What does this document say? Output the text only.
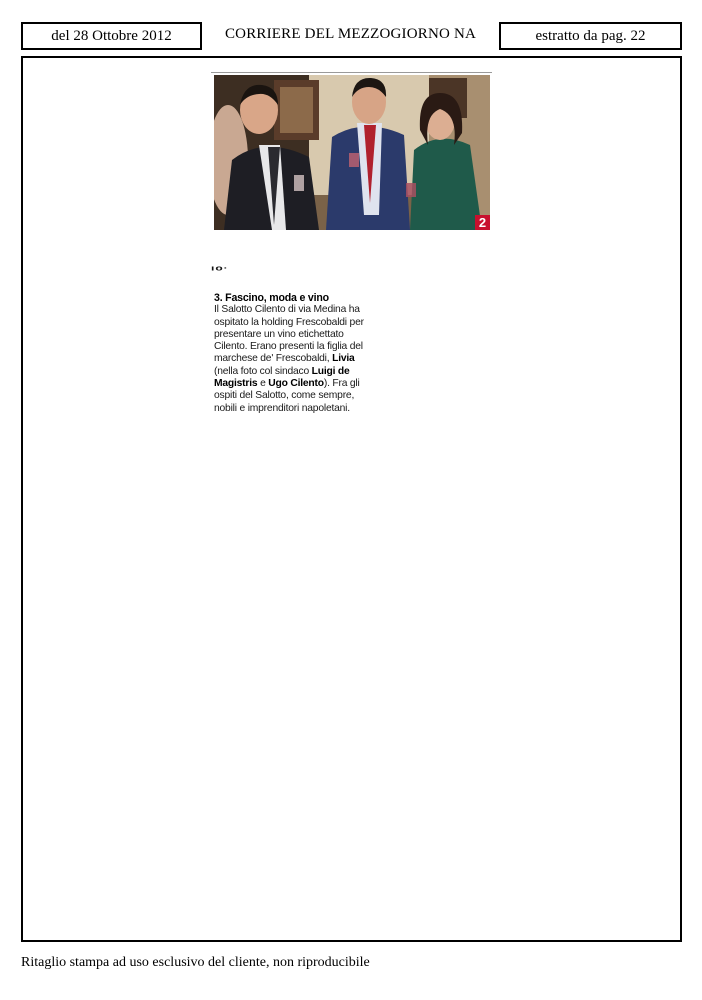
del 28 Ottobre 2012	CORRIERE DEL MEZZOGIORNO NA	estratto da pag. 22
2
ıo·

3. Fascino, moda e vino

Il Salotto Cilento di via Medina ha ospitato la holding Frescobaldi per presentare un vino etichettato Cilento. Erano presenti la figlia del marchese de' Frescobaldi, Livia (nella foto col sindaco Luigi de Magistris e Ugo Cilento). Fra gli ospiti del Salotto, come sempre, nobili e imprenditori napoletani.

Ritaglio stampa ad uso esclusivo del cliente, non riproducibile
